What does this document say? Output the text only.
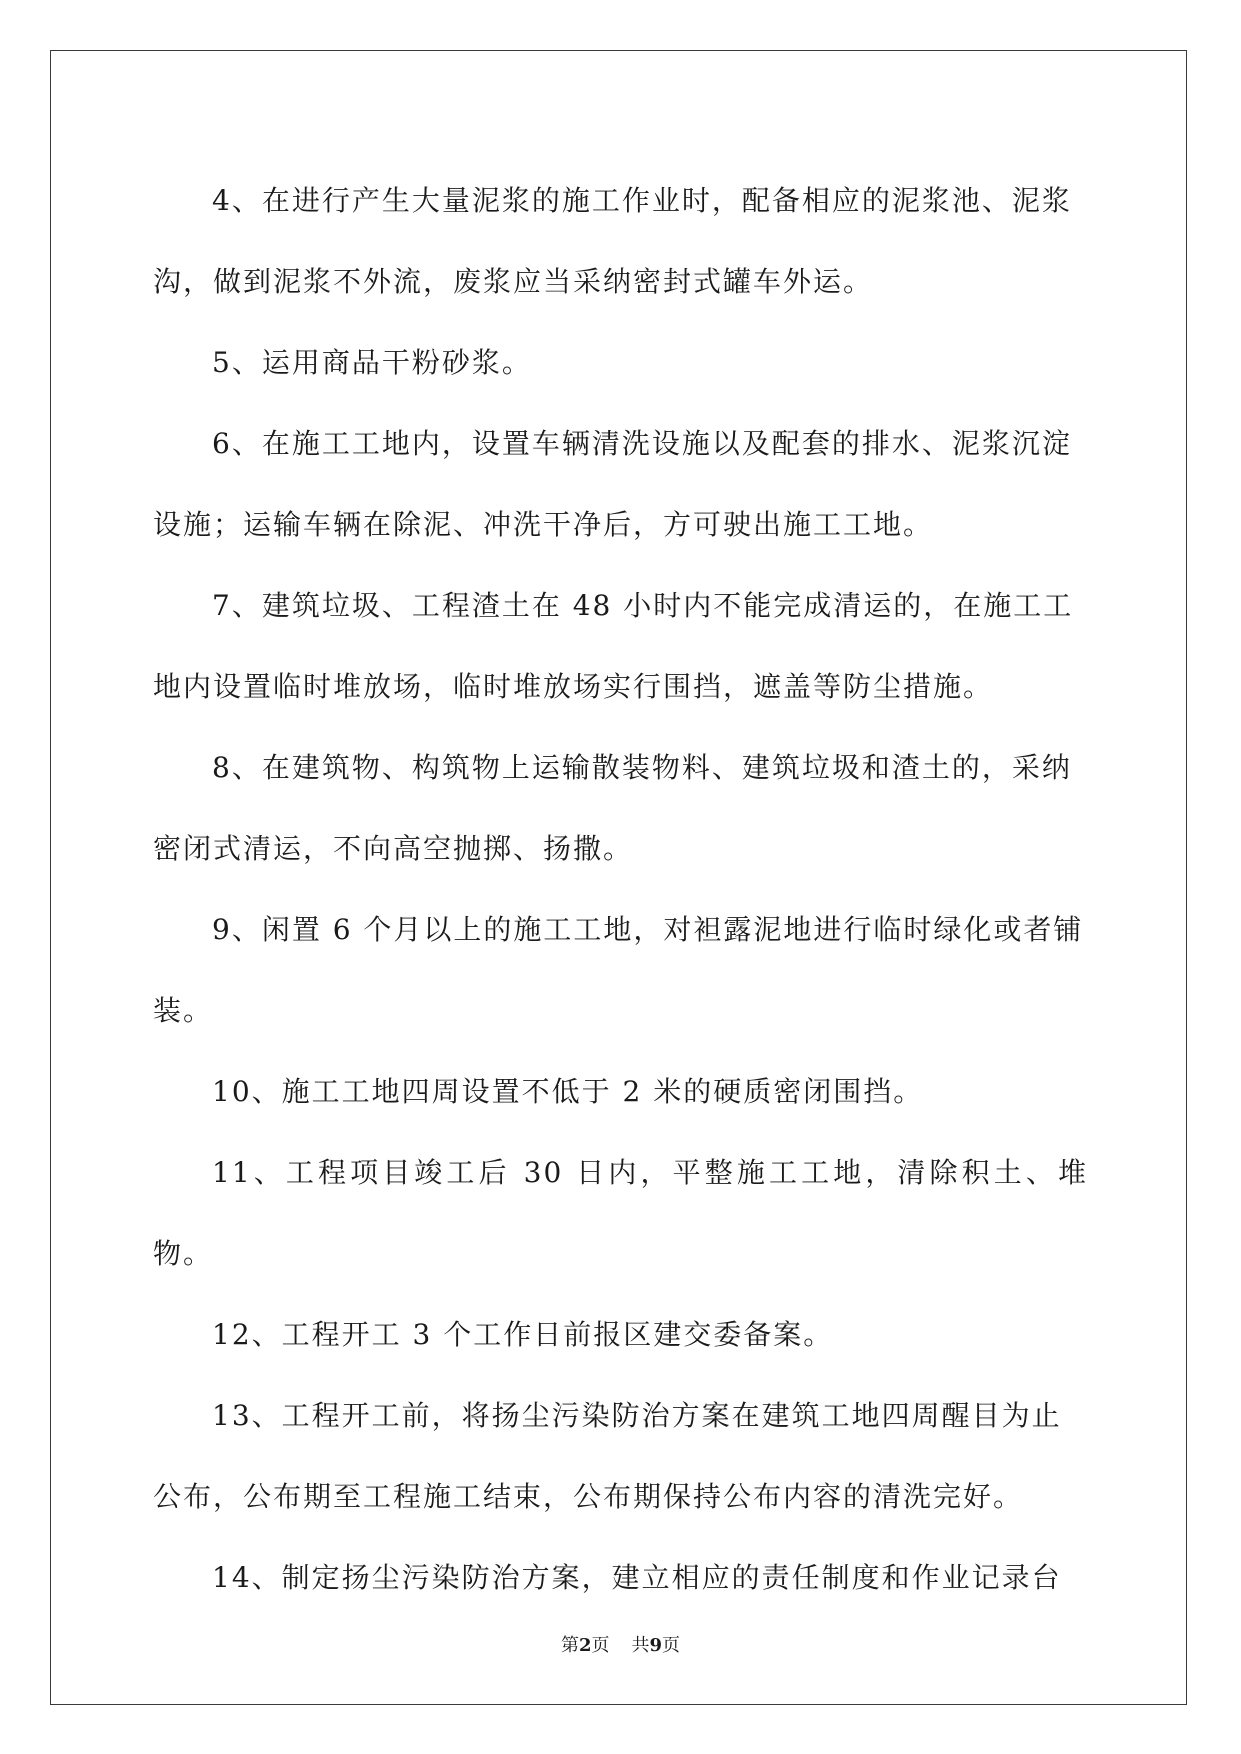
4、在进行产生大量泥浆的施工作业时，配备相应的泥浆池、泥浆
沟，做到泥浆不外流，废浆应当采纳密封式罐车外运。

5、运用商品干粉砂浆。

6、在施工工地内，设置车辆清洗设施以及配套的排水、泥浆沉淀
设施；运输车辆在除泥、冲洗干净后，方可驶出施工工地。

7、建筑垃圾、工程渣土在 48 小时内不能完成清运的，在施工工
地内设置临时堆放场，临时堆放场实行围挡，遮盖等防尘措施。

8、在建筑物、构筑物上运输散装物料、建筑垃圾和渣土的，采纳
密闭式清运，不向高空抛掷、扬撒。

9、闲置 6 个月以上的施工工地，对袒露泥地进行临时绿化或者铺
装。

10、施工工地四周设置不低于 2 米的硬质密闭围挡。

11、工程项目竣工后 30 日内，平整施工工地，清除积土、堆物。

12、工程开工 3 个工作日前报区建交委备案。

13、工程开工前，将扬尘污染防治方案在建筑工地四周醒目为止
公布，公布期至工程施工结束，公布期保持公布内容的清洗完好。

14、制定扬尘污染防治方案，建立相应的责任制度和作业记录台

第2页 共9页
